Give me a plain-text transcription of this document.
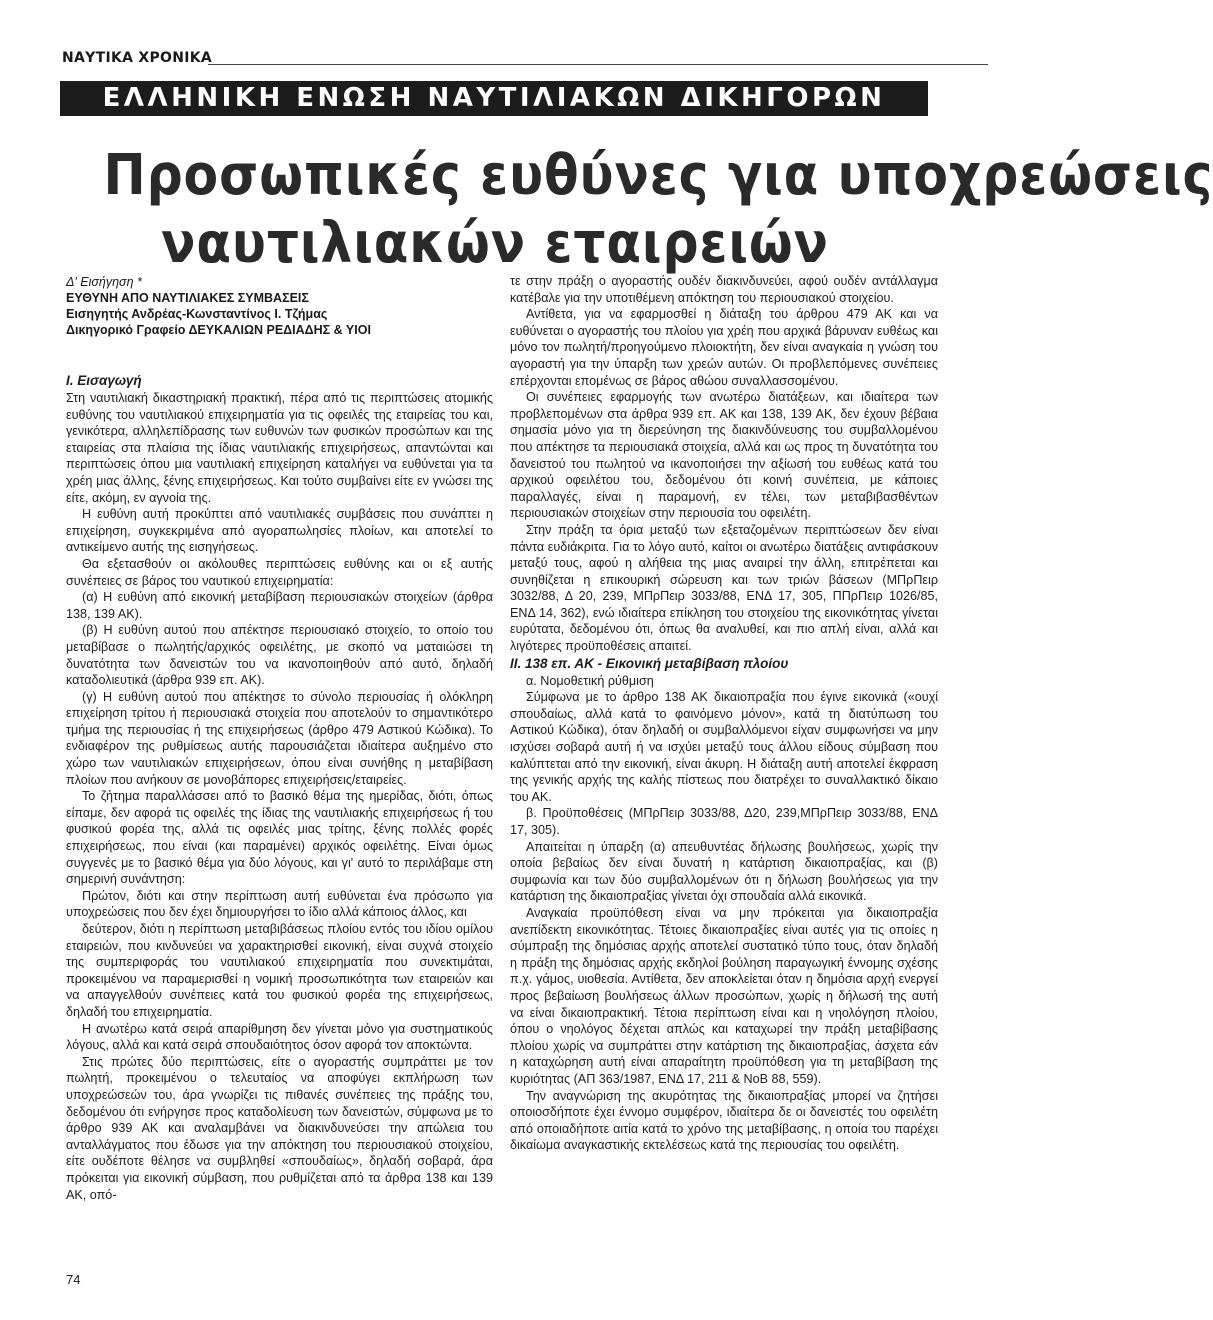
ΝΑΥΤΙΚΑ ΧΡΟΝΙΚΑ
ΕΛΛΗΝΙΚΗ ΕΝΩΣΗ ΝΑΥΤΙΛΙΑΚΩΝ ΔΙΚΗΓΟΡΩΝ
Προσωπικές ευθύνες για υποχρεώσεις
ναυτιλιακών εταιρειών
Δ' Εισήγηση *
ΕΥΘΥΝΗ ΑΠΟ ΝΑΥΤΙΛΙΑΚΕΣ ΣΥΜΒΑΣΕΙΣ
Εισηγητής Ανδρέας-Κωνσταντίνος Ι. Τζήμας
Δικηγορικό Γραφείο ΔΕΥΚΑΛΙΩΝ ΡΕΔΙΑΔΗΣ & ΥΙΟΙ
Ι. Εισαγωγή

Στη ναυτιλιακή δικαστηριακή πρακτική, πέρα από τις περιπτώσεις ατομικής ευθύνης του ναυτιλιακού επιχειρηματία για τις οφειλές της εταιρείας του και, γενικότερα, αλληλεπίδρασης των ευθυνών των φυσικών προσώπων και της εταιρείας στα πλαίσια της ίδιας ναυτιλιακής επιχειρήσεως, απαντώνται και περιπτώσεις όπου μια ναυτιλιακή επιχείρηση καταλήγει να ευθύνεται για τα χρέη μιας άλλης, ξένης επιχειρήσεως. Και τούτο συμβαίνει είτε εν γνώσει της είτε, ακόμη, εν αγνοία της.

Η ευθύνη αυτή προκύπτει από ναυτιλιακές συμβάσεις που συνάπτει η επιχείρηση, συγκεκριμένα από αγοραπωλησίες πλοίων, και αποτελεί το αντικείμενο αυτής της εισηγήσεως.

Θα εξετασθούν οι ακόλουθες περιπτώσεις ευθύνης και οι εξ αυτής συνέπειες σε βάρος του ναυτικού επιχειρηματία:

(α) Η ευθύνη από εικονική μεταβίβαση περιουσιακών στοιχείων (άρθρα 138, 139 ΑΚ).

(β) Η ευθύνη αυτού που απέκτησε περιουσιακό στοιχείο, το οποίο του μεταβίβασε ο πωλητής/αρχικός οφειλέτης, με σκοπό να ματαιώσει τη δυνατότητα των δανειστών του να ικανοποιηθούν από αυτό, δηλαδή καταδολιευτικά (άρθρα 939 επ. ΑΚ).

(γ) Η ευθύνη αυτού που απέκτησε το σύνολο περιουσίας ή ολόκληρη επιχείρηση τρίτου ή περιουσιακά στοιχεία που αποτελούν το σημαντικότερο τμήμα της περιουσίας ή της επιχειρήσεως (άρθρο 479 Αστικού Κώδικα). Το ενδιαφέρον της ρυθμίσεως αυτής παρουσιάζεται ιδιαίτερα αυξημένο στο χώρο των ναυτιλιακών επιχειρήσεων, όπου είναι συνήθης η μεταβίβαση πλοίων που ανήκουν σε μονοβάπορες επιχειρήσεις/εταιρείες.

Το ζήτημα παραλλάσσει από το βασικό θέμα της ημερίδας, διότι, όπως είπαμε, δεν αφορά τις οφειλές της ίδιας της ναυτιλιακής επιχειρήσεως ή του φυσικού φορέα της, αλλά τις οφειλές μιας τρίτης, ξένης πολλές φορές επιχειρήσεως, που είναι (και παραμένει) αρχικός οφειλέτης. Είναι όμως συγγενές με το βασικό θέμα για δύο λόγους, και γι' αυτό το περιλάβαμε στη σημερινή συνάντηση:

Πρώτον, διότι και στην περίπτωση αυτή ευθύνεται ένα πρόσωπο για υποχρεώσεις που δεν έχει δημιουργήσει το ίδιο αλλά κάποιος άλλος, και

δεύτερον, διότι η περίπτωση μεταβιβάσεως πλοίου εντός του ιδίου ομίλου εταιρειών, που κινδυνεύει να χαρακτηρισθεί εικονική, είναι συχνά στοιχείο της συμπεριφοράς του ναυτιλιακού επιχειρηματία που συνεκτιμάται, προκειμένου να παραμερισθεί η νομική προσωπικότητα των εταιρειών και να απαγγελθούν συνέπειες κατά του φυσικού φορέα της επιχειρήσεως, δηλαδή του επιχειρηματία.

Η ανωτέρω κατά σειρά απαρίθμηση δεν γίνεται μόνο για συστηματικούς λόγους, αλλά και κατά σειρά σπουδαιότητος όσον αφορά τον αποκτώντα.

Στις πρώτες δύο περιπτώσεις, είτε ο αγοραστής συμπράττει με τον πωλητή, προκειμένου ο τελευταίος να αποφύγει εκπλήρωση των υποχρεώσεών του, άρα γνωρίζει τις πιθανές συνέπειες της πράξης του, δεδομένου ότι ενήργησε προς καταδολίευση των δανειστών, σύμφωνα με το άρθρο 939 ΑΚ και αναλαμβάνει να διακινδυνεύσει την απώλεια του ανταλλάγματος που έδωσε για την απόκτηση του περιουσιακού στοιχείου, είτε ουδέποτε θέλησε να συμβληθεί «σπουδαίως», δηλαδή σοβαρά, άρα πρόκειται για εικονική σύμβαση, που ρυθμίζεται από τα άρθρα 138 και 139 ΑΚ, οπό-

τε στην πράξη ο αγοραστής ουδέν διακινδυνεύει, αφού ουδέν αντάλλαγμα κατέβαλε για την υποτιθέμενη απόκτηση του περιουσιακού στοιχείου.

Αντίθετα, για να εφαρμοσθεί η διάταξη του άρθρου 479 ΑΚ και να ευθύνεται ο αγοραστής του πλοίου για χρέη που αρχικά βάρυναν ευθέως και μόνο τον πωλητή/προηγούμενο πλοιοκτήτη, δεν είναι αναγκαία η γνώση του αγοραστή για την ύπαρξη των χρεών αυτών. Οι προβλεπόμενες συνέπειες επέρχονται επομένως σε βάρος αθώου συναλλασσομένου.

Οι συνέπειες εφαρμογής των ανωτέρω διατάξεων, και ιδιαίτερα των προβλεπομένων στα άρθρα 939 επ. ΑΚ και 138, 139 ΑΚ, δεν έχουν βέβαια σημασία μόνο για τη διερεύνηση της διακινδύνευσης του συμβαλλομένου που απέκτησε τα περιουσιακά στοιχεία, αλλά και ως προς τη δυνατότητα του δανειστού του πωλητού να ικανοποιήσει την αξίωσή του ευθέως κατά του αρχικού οφειλέτου του, δεδομένου ότι κοινή συνέπεια, με κάποιες παραλλαγές, είναι η παραμονή, εν τέλει, των μεταβιβασθέντων περιουσιακών στοιχείων στην περιουσία του οφειλέτη.

Στην πράξη τα όρια μεταξύ των εξεταζομένων περιπτώσεων δεν είναι πάντα ευδιάκριτα. Για το λόγο αυτό, καίτοι οι ανωτέρω διατάξεις αντιφάσκουν μεταξύ τους, αφού η αλήθεια της μιας αναιρεί την άλλη, επιτρέπεται και συνηθίζεται η επικουρική σώρευση και των τριών βάσεων (ΜΠρΠειρ 3032/88, Δ 20, 239, ΜΠρΠειρ 3033/88, ΕΝΔ 17, 305, ΠΠρΠειρ 1026/85, ΕΝΔ 14, 362), ενώ ιδιαίτερα επίκληση του στοιχείου της εικονικότητας γίνεται ευρύτατα, δεδομένου ότι, όπως θα αναλυθεί, και πιο απλή είναι, αλλά και λιγότερες προϋποθέσεις απαιτεί.

ΙΙ. 138 επ. ΑΚ - Εικονική μεταβίβαση πλοίου

α. Νομοθετική ρύθμιση

Σύμφωνα με το άρθρο 138 ΑΚ δικαιοπραξία που έγινε εικονικά («ουχί σπουδαίως, αλλά κατά το φαινόμενο μόνον», κατά τη διατύπωση του Αστικού Κώδικα), όταν δηλαδή οι συμβαλλόμενοι είχαν συμφωνήσει να μην ισχύσει σοβαρά αυτή ή να ισχύει μεταξύ τους άλλου είδους σύμβαση που καλύπτεται από την εικονική, είναι άκυρη. Η διάταξη αυτή αποτελεί έκφραση της γενικής αρχής της καλής πίστεως που διατρέχει το συναλλακτικό δίκαιο του ΑΚ.

β. Προϋποθέσεις (ΜΠρΠειρ 3033/88, Δ20, 239,ΜΠρΠειρ 3033/88, ΕΝΔ 17, 305).

Απαιτείται η ύπαρξη (α) απευθυντέας δήλωσης βουλήσεως, χωρίς την οποία βεβαίως δεν είναι δυνατή η κατάρτιση δικαιοπραξίας, και (β) συμφωνία και των δύο συμβαλλομένων ότι η δήλωση βουλήσεως για την κατάρτιση της δικαιοπραξίας γίνεται όχι σπουδαία αλλά εικονικά.

Αναγκαία προϋπόθεση είναι να μην πρόκειται για δικαιοπραξία ανεπίδεκτη εικονικότητας. Τέτοιες δικαιοπραξίες είναι αυτές για τις οποίες η σύμπραξη της δημόσιας αρχής αποτελεί συστατικό τύπο τους, όταν δηλαδή η πράξη της δημόσιας αρχής εκδηλοί βούληση παραγωγική έννομης σχέσης π.χ. γάμος, υιοθεσία. Αντίθετα, δεν αποκλείεται όταν η δημόσια αρχή ενεργεί προς βεβαίωση βουλήσεως άλλων προσώπων, χωρίς η δήλωσή της αυτή να είναι δικαιοπρακτική. Τέτοια περίπτωση είναι και η νηολόγηση πλοίου, όπου ο νηολόγος δέχεται απλώς και καταχωρεί την πράξη μεταβίβασης πλοίου χωρίς να συμπράττει στην κατάρτιση της δικαιοπραξίας, άσχετα εάν η καταχώρηση αυτή είναι απαραίτητη προϋπόθεση για τη μεταβίβαση της κυριότητας (ΑΠ 363/1987, ΕΝΔ 17, 211 & ΝοΒ 88, 559).

Την αναγνώριση της ακυρότητας της δικαιοπραξίας μπορεί να ζητήσει οποιοσδήποτε έχει έννομο συμφέρον, ιδιαίτερα δε οι δανειστές του οφειλέτη από οποιαδήποτε αιτία κατά το χρόνο της μεταβίβασης, η οποία του παρέχει δικαίωμα αναγκαστικής εκτελέσεως κατά της περιουσίας του οφειλέτη.

74
